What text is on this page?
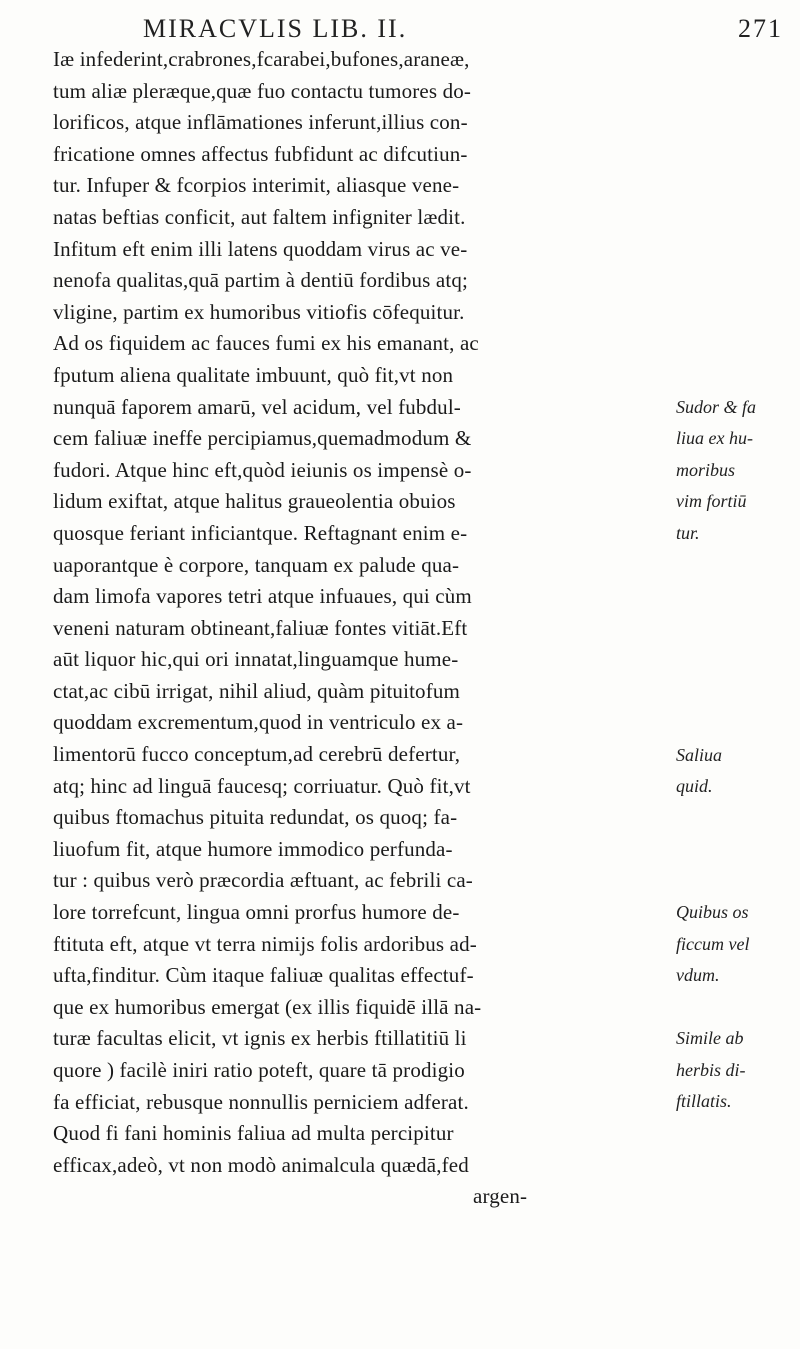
MIRACVLIS LIB. II.	271
Iæ infederint,crabrones,fcarabei,bufones,araneæ,
tum aliæ pleræque,quæ fuo contactu tumores do-
lorificos, atque inflāmationes inferunt,illius con-
fricatione omnes affectus fubfidunt ac difcutiun-
tur. Infuper & fcorpios interimit, aliasque vene-
natas beftias conficit, aut faltem infigniter lædit.
Infitum eft enim illi latens quoddam virus ac ve-
nenofa qualitas,quā partim à dentiū fordibus atq;
vligine, partim ex humoribus vitiofis cōfequitur.
Ad os fiquidem ac fauces fumi ex his emanant, ac
fputum aliena qualitate imbuunt, quò fit,vt non
nunquā faporem amarū, vel acidum, vel fubdul-
cem faliuæ ineffe percipiamus,quemadmodum &
fudori. Atque hinc eft,quòd ieiunis os impensè o-
lidum exiftat, atque halitus graueolentia obuios
quosque feriant inficiantque. Reftagnant enim e-
uaporantque è corpore, tanquam ex palude qua-
dam limofa vapores tetri atque infuaues, qui cùm
veneni naturam obtineant,faliuæ fontes vitiāt.Eft
aūt liquor hic,qui ori innatat,linguamque hume-
ctat,ac cibū irrigat, nihil aliud, quàm pituitofum
quoddam excrementum,quod in ventriculo ex a-
limentorū fucco conceptum,ad cerebrū defertur,
atq; hinc ad linguā faucesq; corriuatur. Quò fit,vt
quibus ftomachus pituita redundat, os quoq; fa-
liuofum fit, atque humore immodico perfunda-
tur : quibus verò præcordia æftuant, ac febrili ca-
lore torrefcunt, lingua omni prorfus humore de-
ftituta eft, atque vt terra nimijs folis ardoribus ad-
ufta,finditur. Cùm itaque faliuæ qualitas effectuf-
que ex humoribus emergat (ex illis fiquidē illā na-
turæ facultas elicit, vt ignis ex herbis ftillatitiū li
quore ) facilè iniri ratio poteft, quare tā prodigio
fa efficiat, rebusque nonnullis perniciem adferat.
Quod fi fani hominis faliua ad multa percipitur
efficax,adeò, vt non modò animalcula quædā,fed
argen-
Sudor & fa
liua ex hu-
moribus
vim fortiū
tur.
Saliua
quid.
Quibus os
ficcum vel
vdum.
Simile ab
herbis di-
ftillatis.
